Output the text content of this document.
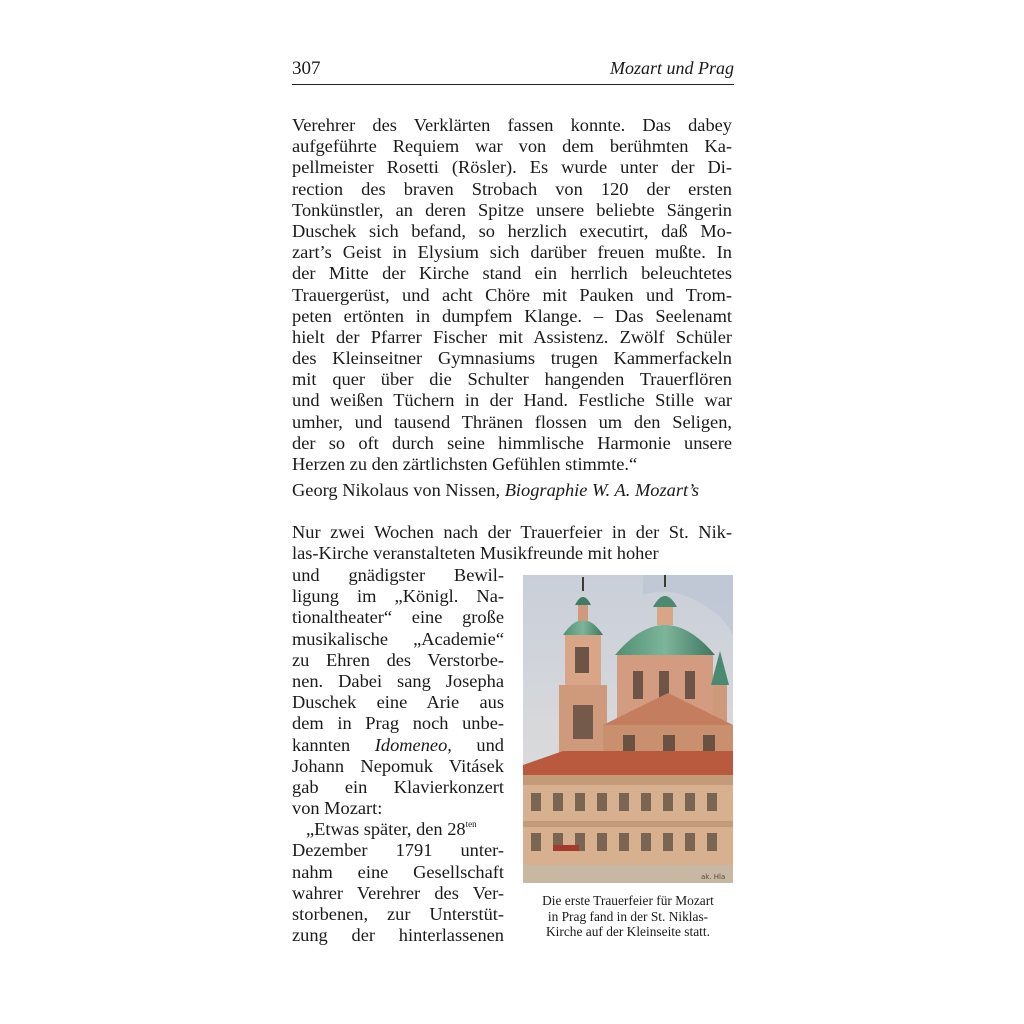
307	Mozart und Prag
Verehrer des Verklärten fassen konnte. Das dabey
aufgeführte Requiem war von dem berühmten Ka-
pellmeister Rosetti (Rösler). Es wurde unter der Di-
rection des braven Strobach von 120 der ersten
Tonkünstler, an deren Spitze unsere beliebte Sängerin
Duschek sich befand, so herzlich executirt, daß Mo-
zart’s Geist in Elysium sich darüber freuen mußte. In
der Mitte der Kirche stand ein herrlich beleuchtetes
Trauergerüst, und acht Chöre mit Pauken und Trom-
peten ertönten in dumpfem Klange. – Das Seelenamt
hielt der Pfarrer Fischer mit Assistenz. Zwölf Schüler
des Kleinseitner Gymnasiums trugen Kammerfackeln
mit quer über die Schulter hangenden Trauerflören
und weißen Tüchern in der Hand. Festliche Stille war
umher, und tausend Thränen flossen um den Seligen,
der so oft durch seine himmlische Harmonie unsere
Herzen zu den zärtlichsten Gefühlen stimmte.“
Georg Nikolaus von Nissen, Biographie W. A. Mozart’s
Nur zwei Wochen nach der Trauerfeier in der St. Nik-
las-Kirche veranstalteten Musikfreunde mit hoher
und gnädigster Bewil-
ligung im „Königl. Na-
tionaltheater“ eine große
musikalische „Academie“
zu Ehren des Verstorbe-
nen. Dabei sang Josepha
Duschek eine Arie aus
dem in Prag noch unbe-
kannten Idomeneo, und
Johann Nepomuk Vitásek
gab ein Klavierkonzert
von Mozart:
„Etwas später, den $28^{ten}$
Dezember 1791 unter-
nahm eine Gesellschaft
wahrer Verehrer des Ver-
storbenen, zur Unterstüt-
zung der hinterlassenen
ak. Hla
Die erste Trauerfeier für Mozart
in Prag fand in der St. Niklas-
Kirche auf der Kleinseite statt.
